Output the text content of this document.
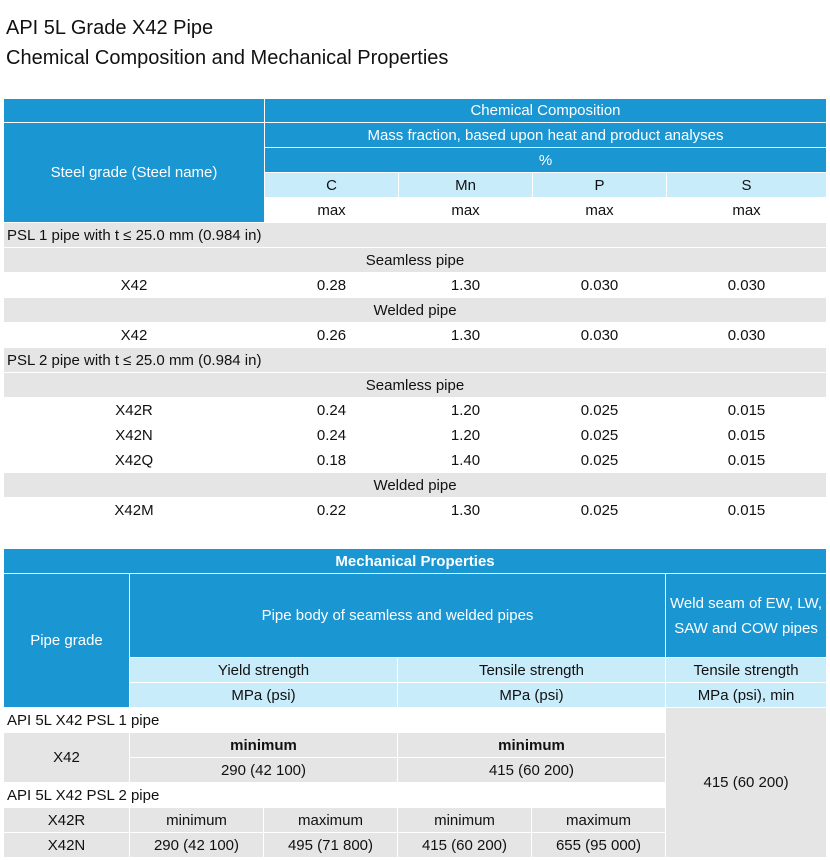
API 5L Grade X42 Pipe
Chemical Composition and Mechanical Properties
	Chemical Composition			
Steel grade (Steel name)	Mass fraction, based upon heat and product analyses			
	%			
	C	Mn	P	S
	max	max	max	max
PSL 1 pipe with t ≤ 25.0 mm (0.984 in)				
Seamless pipe				
X42	0.28	1.30	0.030	0.030
Welded pipe				
X42	0.26	1.30	0.030	0.030
PSL 2 pipe with t ≤ 25.0 mm (0.984 in)				
Seamless pipe				
X42R	0.24	1.20	0.025	0.015
X42N	0.24	1.20	0.025	0.015
X42Q	0.18	1.40	0.025	0.015
Welded pipe				
X42M	0.22	1.30	0.025	0.015
Mechanical Properties					
Pipe grade	Pipe body of seamless and welded pipes				Weld seam of EW, LW, SAW and COW pipes
	Yield strength		Tensile strength		Tensile strength
	MPa (psi)		MPa (psi)		MPa (psi), min
API 5L X42 PSL 1 pipe					415 (60 200)
X42	minimum		minimum		
	290 (42 100)		415 (60 200)		
API 5L X42 PSL 2 pipe					
X42R	minimum	maximum	minimum	maximum	
X42N	290 (42 100)	495 (71 800)	415 (60 200)	655 (95 000)	
